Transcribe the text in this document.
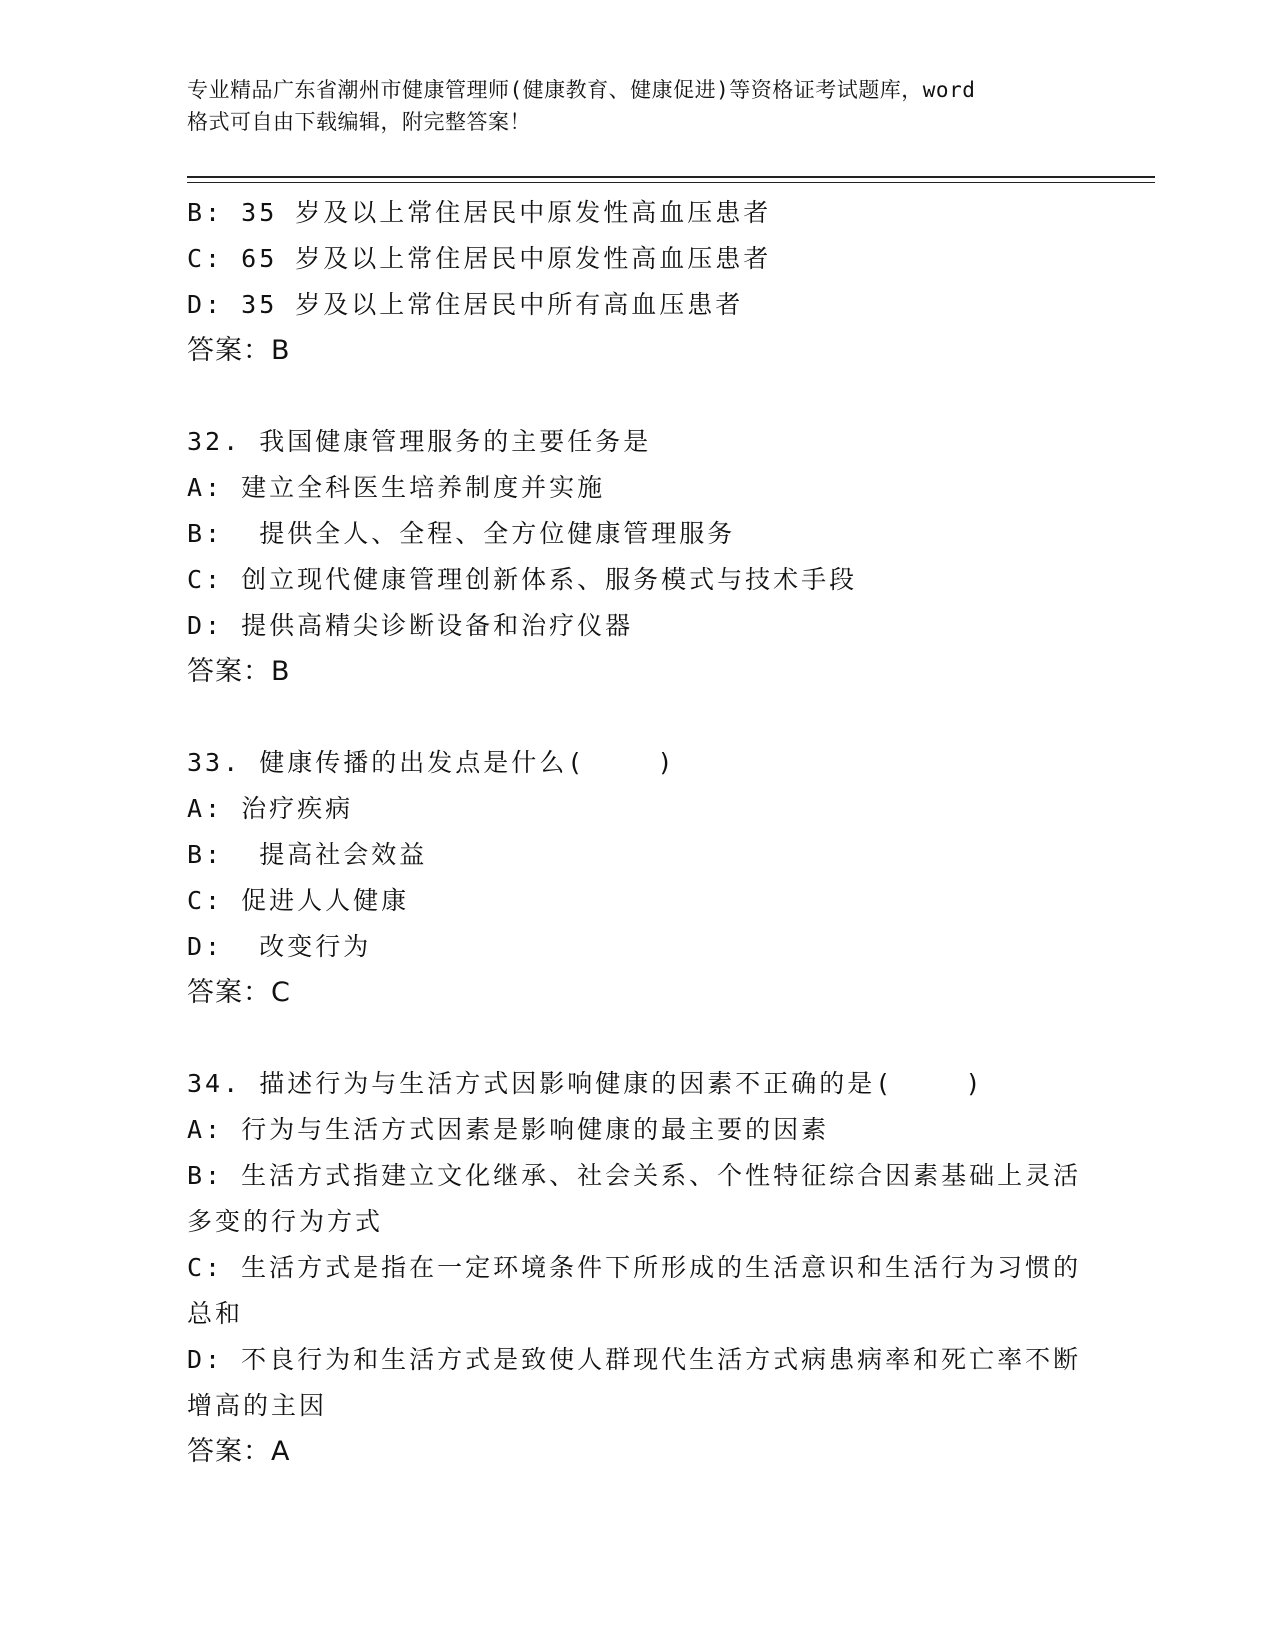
专业精品广东省潮州市健康管理师(健康教育、健康促进)等资格证考试题库，word
格式可自由下载编辑，附完整答案！
B: 35 岁及以上常住居民中原发性高血压患者
C: 65 岁及以上常住居民中原发性高血压患者
D: 35 岁及以上常住居民中所有高血压患者
答案：B
32. 我国健康管理服务的主要任务是
A: 建立全科医生培养制度并实施
B:  提供全人、全程、全方位健康管理服务
C: 创立现代健康管理创新体系、服务模式与技术手段
D: 提供高精尖诊断设备和治疗仪器
答案：B
33. 健康传播的出发点是什么(    )
A: 治疗疾病
B:  提高社会效益
C: 促进人人健康
D:  改变行为
答案：C
34. 描述行为与生活方式因影响健康的因素不正确的是(    )
A: 行为与生活方式因素是影响健康的最主要的因素
B: 生活方式指建立文化继承、社会关系、个性特征综合因素基础上灵活多变的行为方式
C: 生活方式是指在一定环境条件下所形成的生活意识和生活行为习惯的总和
D: 不良行为和生活方式是致使人群现代生活方式病患病率和死亡率不断增高的主因
答案：A
